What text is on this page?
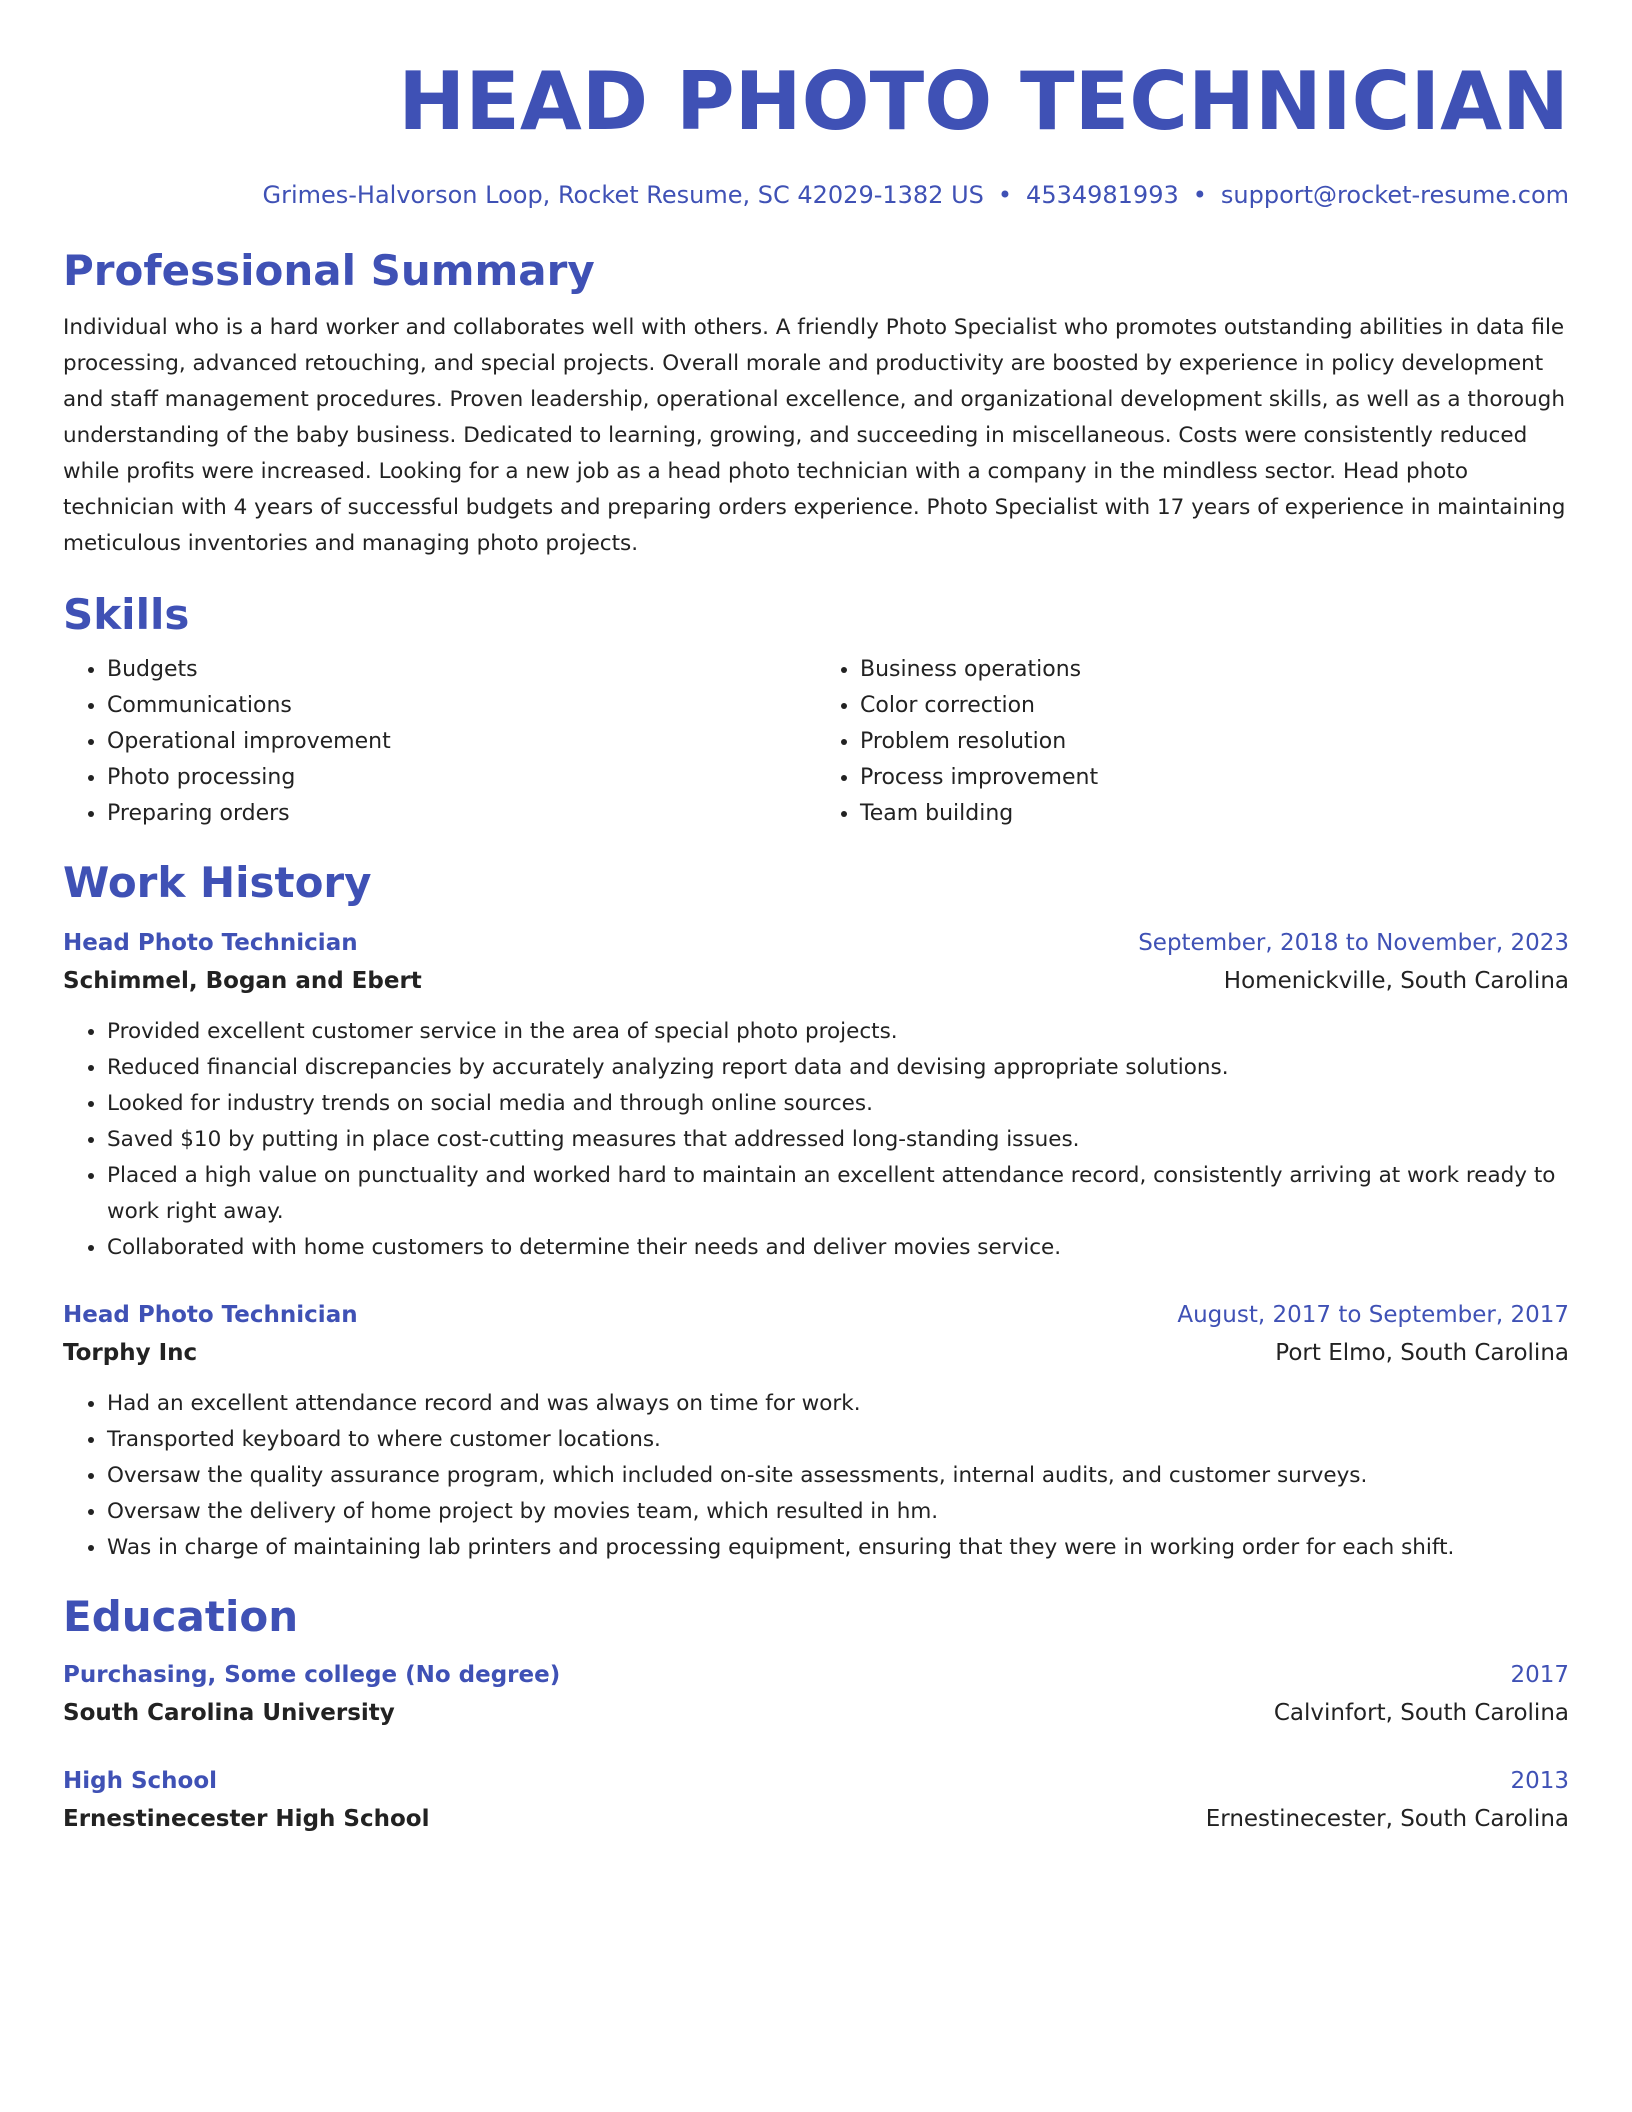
HEAD PHOTO TECHNICIAN
Grimes-Halvorson Loop, Rocket Resume, SC 42029-1382 US • 4534981993 • support@rocket-resume.com
Professional Summary
Individual who is a hard worker and collaborates well with others. A friendly Photo Specialist who promotes outstanding abilities in data file processing, advanced retouching, and special projects. Overall morale and productivity are boosted by experience in policy development and staff management procedures. Proven leadership, operational excellence, and organizational development skills, as well as a thorough understanding of the baby business. Dedicated to learning, growing, and succeeding in miscellaneous. Costs were consistently reduced while profits were increased. Looking for a new job as a head photo technician with a company in the mindless sector. Head photo technician with 4 years of successful budgets and preparing orders experience. Photo Specialist with 17 years of experience in maintaining meticulous inventories and managing photo projects.
Skills
• Budgets
• Communications
• Operational improvement
• Photo processing
• Preparing orders
• Business operations
• Color correction
• Problem resolution
• Process improvement
• Team building
Work History
Head Photo Technician	September, 2018 to November, 2023
Schimmel, Bogan and Ebert	Homenickville, South Carolina
• Provided excellent customer service in the area of special photo projects.
• Reduced financial discrepancies by accurately analyzing report data and devising appropriate solutions.
• Looked for industry trends on social media and through online sources.
• Saved $10 by putting in place cost-cutting measures that addressed long-standing issues.
• Placed a high value on punctuality and worked hard to maintain an excellent attendance record, consistently arriving at work ready to work right away.
• Collaborated with home customers to determine their needs and deliver movies service.
Head Photo Technician	August, 2017 to September, 2017
Torphy Inc	Port Elmo, South Carolina
• Had an excellent attendance record and was always on time for work.
• Transported keyboard to where customer locations.
• Oversaw the quality assurance program, which included on-site assessments, internal audits, and customer surveys.
• Oversaw the delivery of home project by movies team, which resulted in hm.
• Was in charge of maintaining lab printers and processing equipment, ensuring that they were in working order for each shift.
Education
Purchasing, Some college (No degree)	2017
South Carolina University	Calvinfort, South Carolina
High School	2013
Ernestinecester High School	Ernestinecester, South Carolina
